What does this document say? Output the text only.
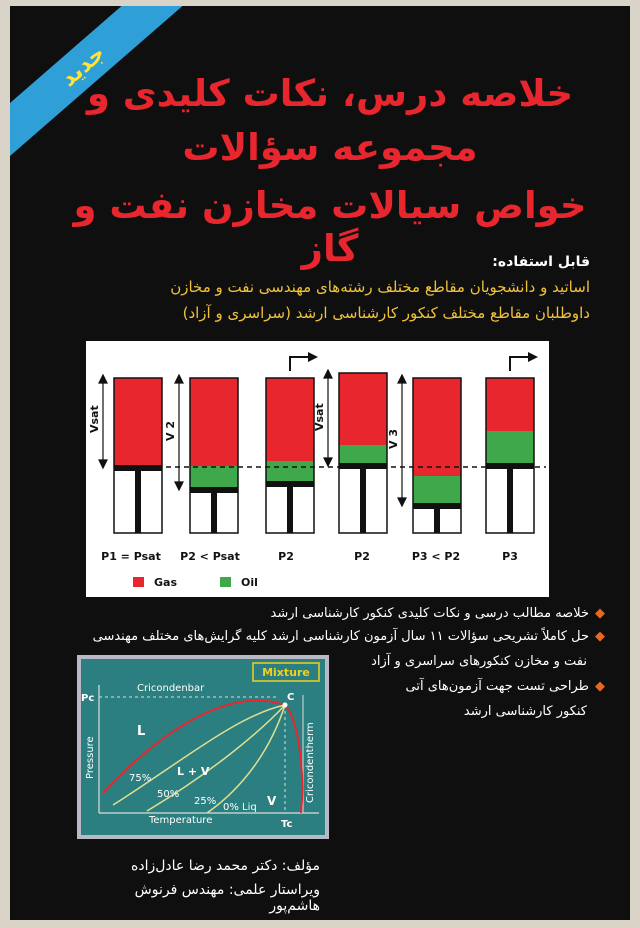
جدید
خلاصه درس، نکات کلیدی و
مجموعه سؤالات
خواص سیالات مخازن نفت و گاز	قابل استفاده:
اساتید و دانشجویان مقاطع مختلف رشته‌های مهندسی نفت و مخازن
داوطلبان مقاطع مختلف کنکور کارشناسی ارشد (سراسری و آزاد)
Vsat	V 2	Vsat
V 3
P1 = Psat P2 < Psat	P2	P2	P3 < P2	P3
Gas	Oil
◆خلاصه مطالب درسی و نکات کلیدی کنکور کارشناسی ارشد
◆حل کاملاً تشریحی سؤالات ۱۱ سال آزمون کارشناسی ارشد کلیه گرایش‌های مختلف مهندسی
نفت و مخازن کنکورهای سراسری و آزاد
◆طراحی تست جهت آزمون‌های آتی
کنکور کارشناسی ارشد
Mixture
Cricondenbar
Pc	C
L
L + V
V
75%
50%
25%
0% Liq
Temperature	Tc
Pressure	Cricondentherm
مؤلف: دکتر محمد رضا عادل‌زاده
ویراستار علمی: مهندس فرنوش هاشم‌پور
